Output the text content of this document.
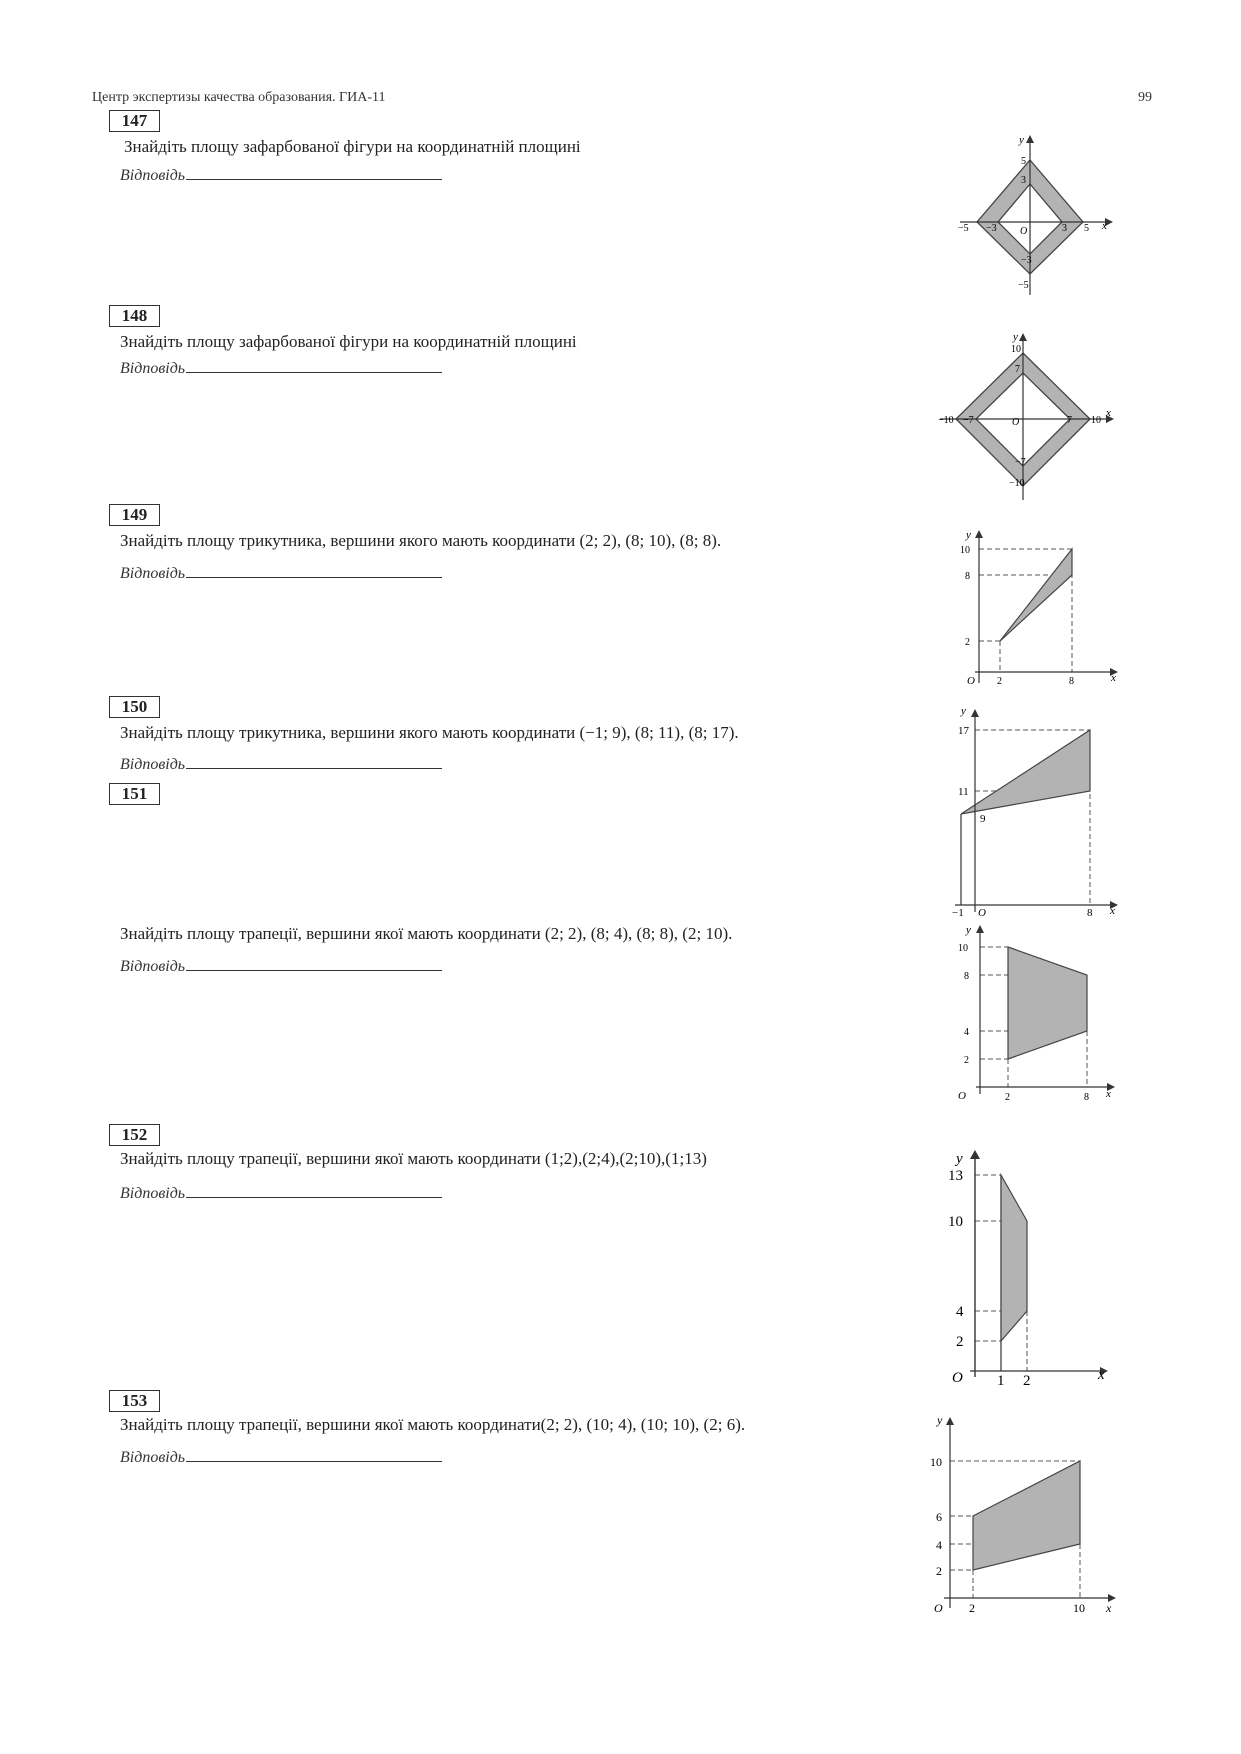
Центр экспертизы качества образования. ГИА-11	99
147
Знайдіть площу зафарбованої фігури на координатній площині
Відповідь
148
Знайдіть площу зафарбованої фігури на координатній площині
Відповідь
149
Знайдіть площу трикутника, вершини якого мають координати (2; 2), (8; 10), (8; 8).
Відповідь
150
Знайдіть площу трикутника, вершини якого мають координати (−1; 9), (8; 11), (8; 17).
Відповідь
151
Знайдіть площу трапеції, вершини якої мають координати (2; 2), (8; 4), (8; 8), (2; 10).
Відповідь
152
Знайдіть площу трапеції, вершини якої мають координати (1;2),(2;4),(2;10),(1;13)
Відповідь
153
Знайдіть площу трапеції, вершини якої мають координати(2; 2), (10; 4), (10; 10), (2; 6).
Відповідь
x
y
O
5
3
−5 −3	3 5
−3
−5
x
y
O
10
7
−10 −7	7 10
−7
−10
x
y
O
10
8
2
2	8
x
y
O
17
11
9
−1	8
x
y
O
10
8
4
2
2	8
x
y
O
13
10
4
2
1 2
x
y
O
10
6
4
2
2	10
